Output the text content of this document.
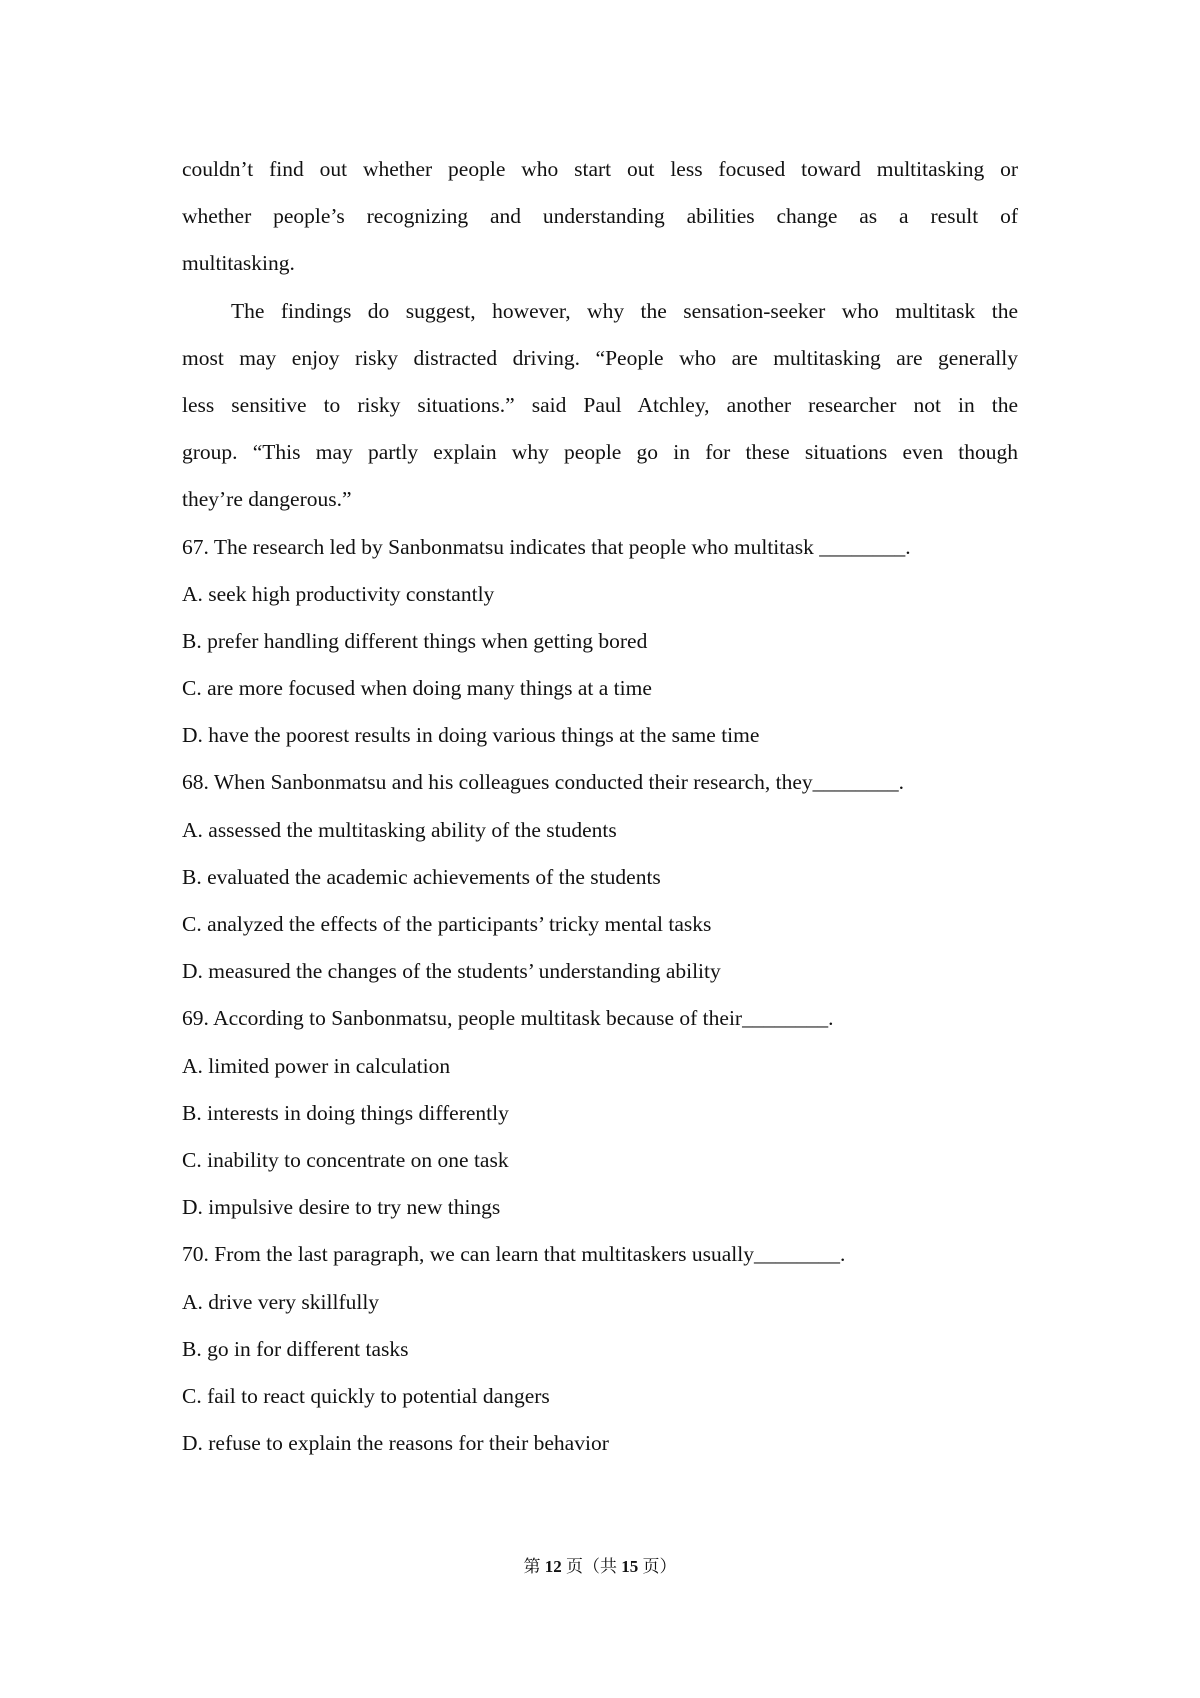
couldn’t find out whether people who start out less focused toward multitasking or
whether people’s recognizing and understanding abilities change as a result of
multitasking.
The findings do suggest, however, why the sensation-seeker who multitask the
most may enjoy risky distracted driving. “People who are multitasking are generally
less sensitive to risky situations.” said Paul Atchley, another researcher not in the
group. “This may partly explain why people go in for these situations even though
they’re dangerous.”
67. The research led by Sanbonmatsu indicates that people who multitask ________.
A. seek high productivity constantly
B. prefer handling different things when getting bored
C. are more focused when doing many things at a time
D. have the poorest results in doing various things at the same time
68. When Sanbonmatsu and his colleagues conducted their research, they________.
A. assessed the multitasking ability of the students
B. evaluated the academic achievements of the students
C. analyzed the effects of the participants’ tricky mental tasks
D. measured the changes of the students’ understanding ability
69. According to Sanbonmatsu, people multitask because of their________.
A. limited power in calculation
B. interests in doing things differently
C. inability to concentrate on one task
D. impulsive desire to try new things
70. From the last paragraph, we can learn that multitaskers usually________.
A. drive very skillfully
B. go in for different tasks
C. fail to react quickly to potential dangers
D. refuse to explain the reasons for their behavior
第 12 页（共 15 页）
